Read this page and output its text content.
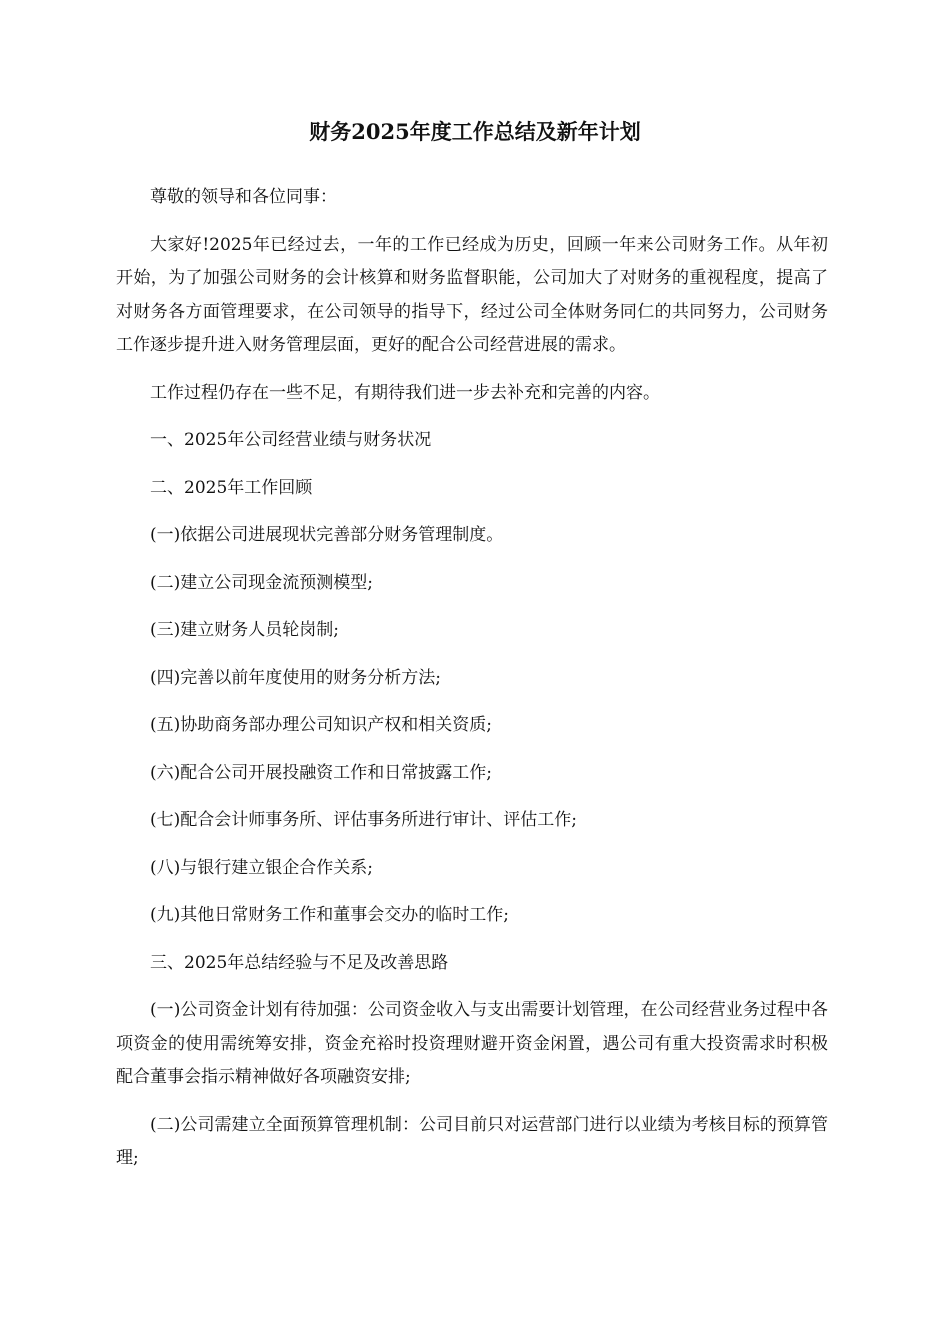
财务2025年度工作总结及新年计划

尊敬的领导和各位同事：

大家好!2025年已经过去，一年的工作已经成为历史，回顾一年来公司财务工作。从年初开始，为了加强公司财务的会计核算和财务监督职能，公司加大了对财务的重视程度，提高了对财务各方面管理要求，在公司领导的指导下，经过公司全体财务同仁的共同努力，公司财务工作逐步提升进入财务管理层面，更好的配合公司经营进展的需求。

工作过程仍存在一些不足，有期待我们进一步去补充和完善的内容。

一、2025年公司经营业绩与财务状况

二、2025年工作回顾

(一)依据公司进展现状完善部分财务管理制度。

(二)建立公司现金流预测模型;

(三)建立财务人员轮岗制;

(四)完善以前年度使用的财务分析方法;

(五)协助商务部办理公司知识产权和相关资质;

(六)配合公司开展投融资工作和日常披露工作;

(七)配合会计师事务所、评估事务所进行审计、评估工作;

(八)与银行建立银企合作关系;

(九)其他日常财务工作和董事会交办的临时工作;

三、2025年总结经验与不足及改善思路

(一)公司资金计划有待加强：公司资金收入与支出需要计划管理，在公司经营业务过程中各项资金的使用需统筹安排，资金充裕时投资理财避开资金闲置，遇公司有重大投资需求时积极配合董事会指示精神做好各项融资安排;

(二)公司需建立全面预算管理机制：公司目前只对运营部门进行以业绩为考核目标的预算管理;
